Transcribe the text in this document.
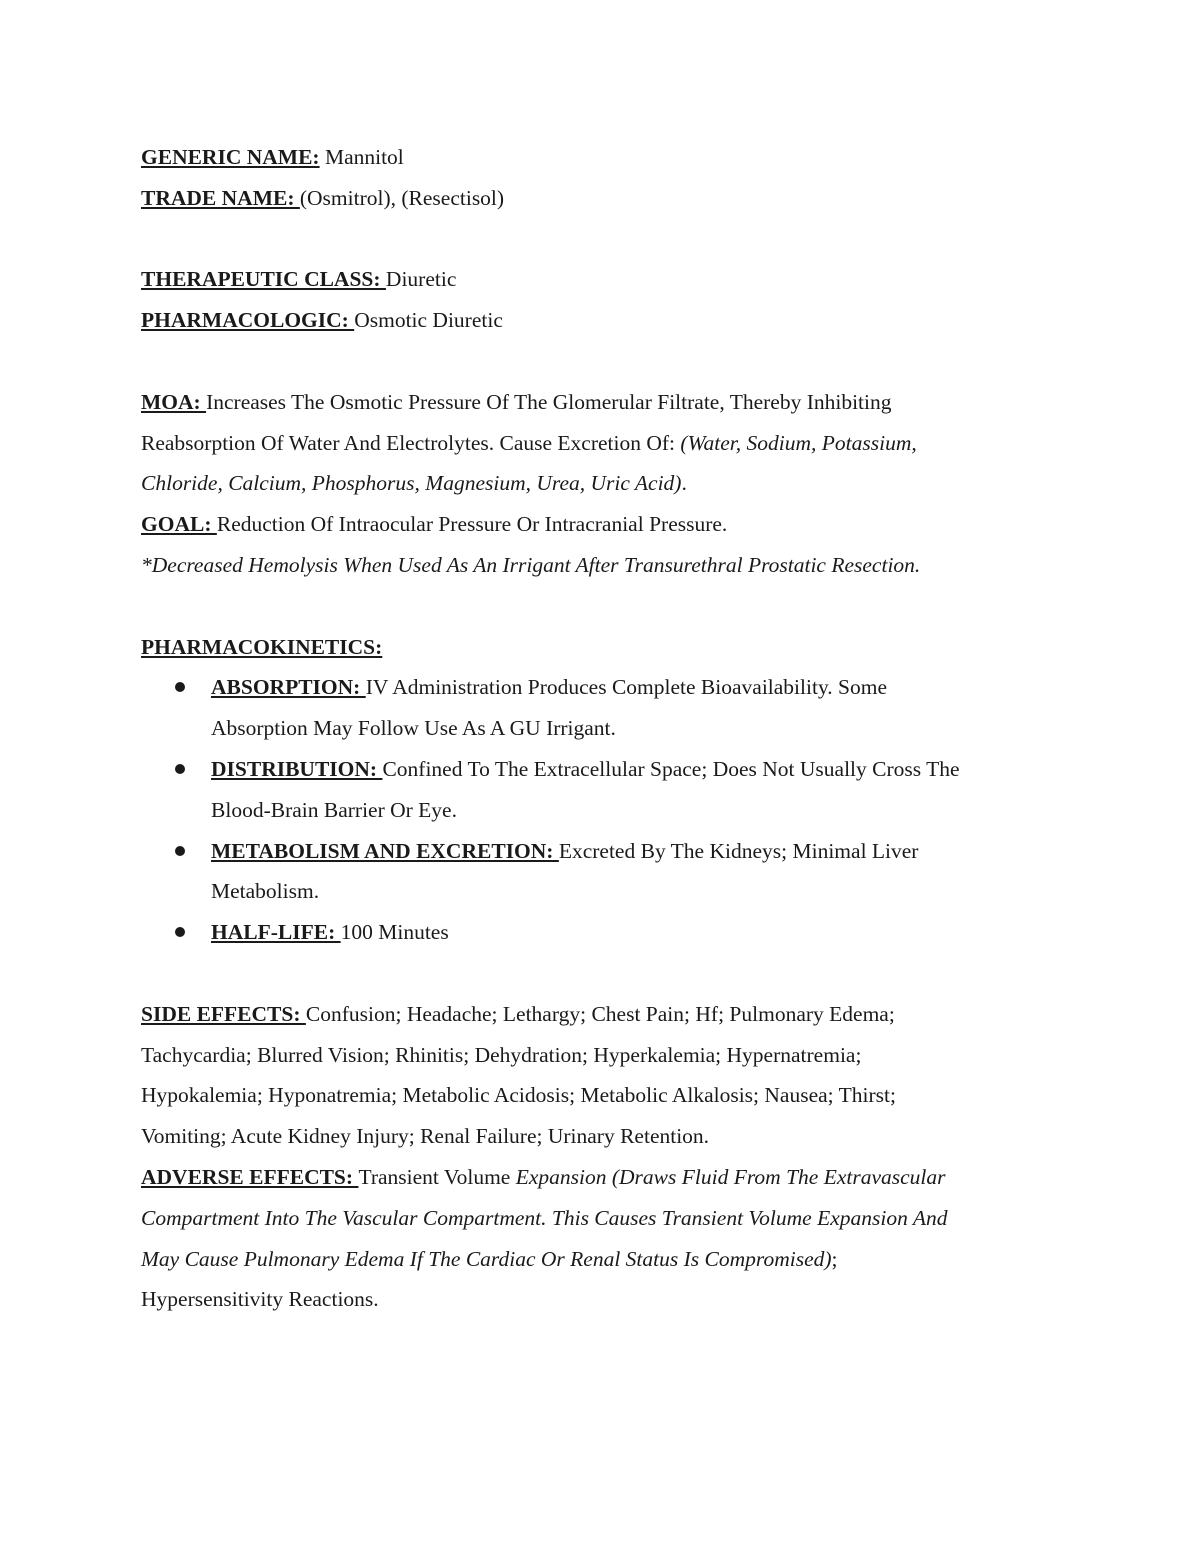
GENERIC NAME: Mannitol
TRADE NAME: (Osmitrol), (Resectisol)
THERAPEUTIC CLASS: Diuretic
PHARMACOLOGIC: Osmotic Diuretic
MOA: Increases The Osmotic Pressure Of The Glomerular Filtrate, Thereby Inhibiting
Reabsorption Of Water And Electrolytes. Cause Excretion Of: (Water, Sodium, Potassium,
Chloride, Calcium, Phosphorus, Magnesium, Urea, Uric Acid).
GOAL: Reduction Of Intraocular Pressure Or Intracranial Pressure.
*Decreased Hemolysis When Used As An Irrigant After Transurethral Prostatic Resection.
PHARMACOKINETICS:
ABSORPTION: IV Administration Produces Complete Bioavailability. Some
Absorption May Follow Use As A GU Irrigant.
DISTRIBUTION: Confined To The Extracellular Space; Does Not Usually Cross The
Blood-Brain Barrier Or Eye.
METABOLISM AND EXCRETION: Excreted By The Kidneys; Minimal Liver
Metabolism.
HALF-LIFE: 100 Minutes
SIDE EFFECTS: Confusion; Headache; Lethargy; Chest Pain; Hf; Pulmonary Edema;
Tachycardia; Blurred Vision; Rhinitis; Dehydration; Hyperkalemia; Hypernatremia;
Hypokalemia; Hyponatremia; Metabolic Acidosis; Metabolic Alkalosis; Nausea; Thirst;
Vomiting; Acute Kidney Injury; Renal Failure; Urinary Retention.
ADVERSE EFFECTS: Transient Volume Expansion (Draws Fluid From The Extravascular
Compartment Into The Vascular Compartment. This Causes Transient Volume Expansion And
May Cause Pulmonary Edema If The Cardiac Or Renal Status Is Compromised);
Hypersensitivity Reactions.
